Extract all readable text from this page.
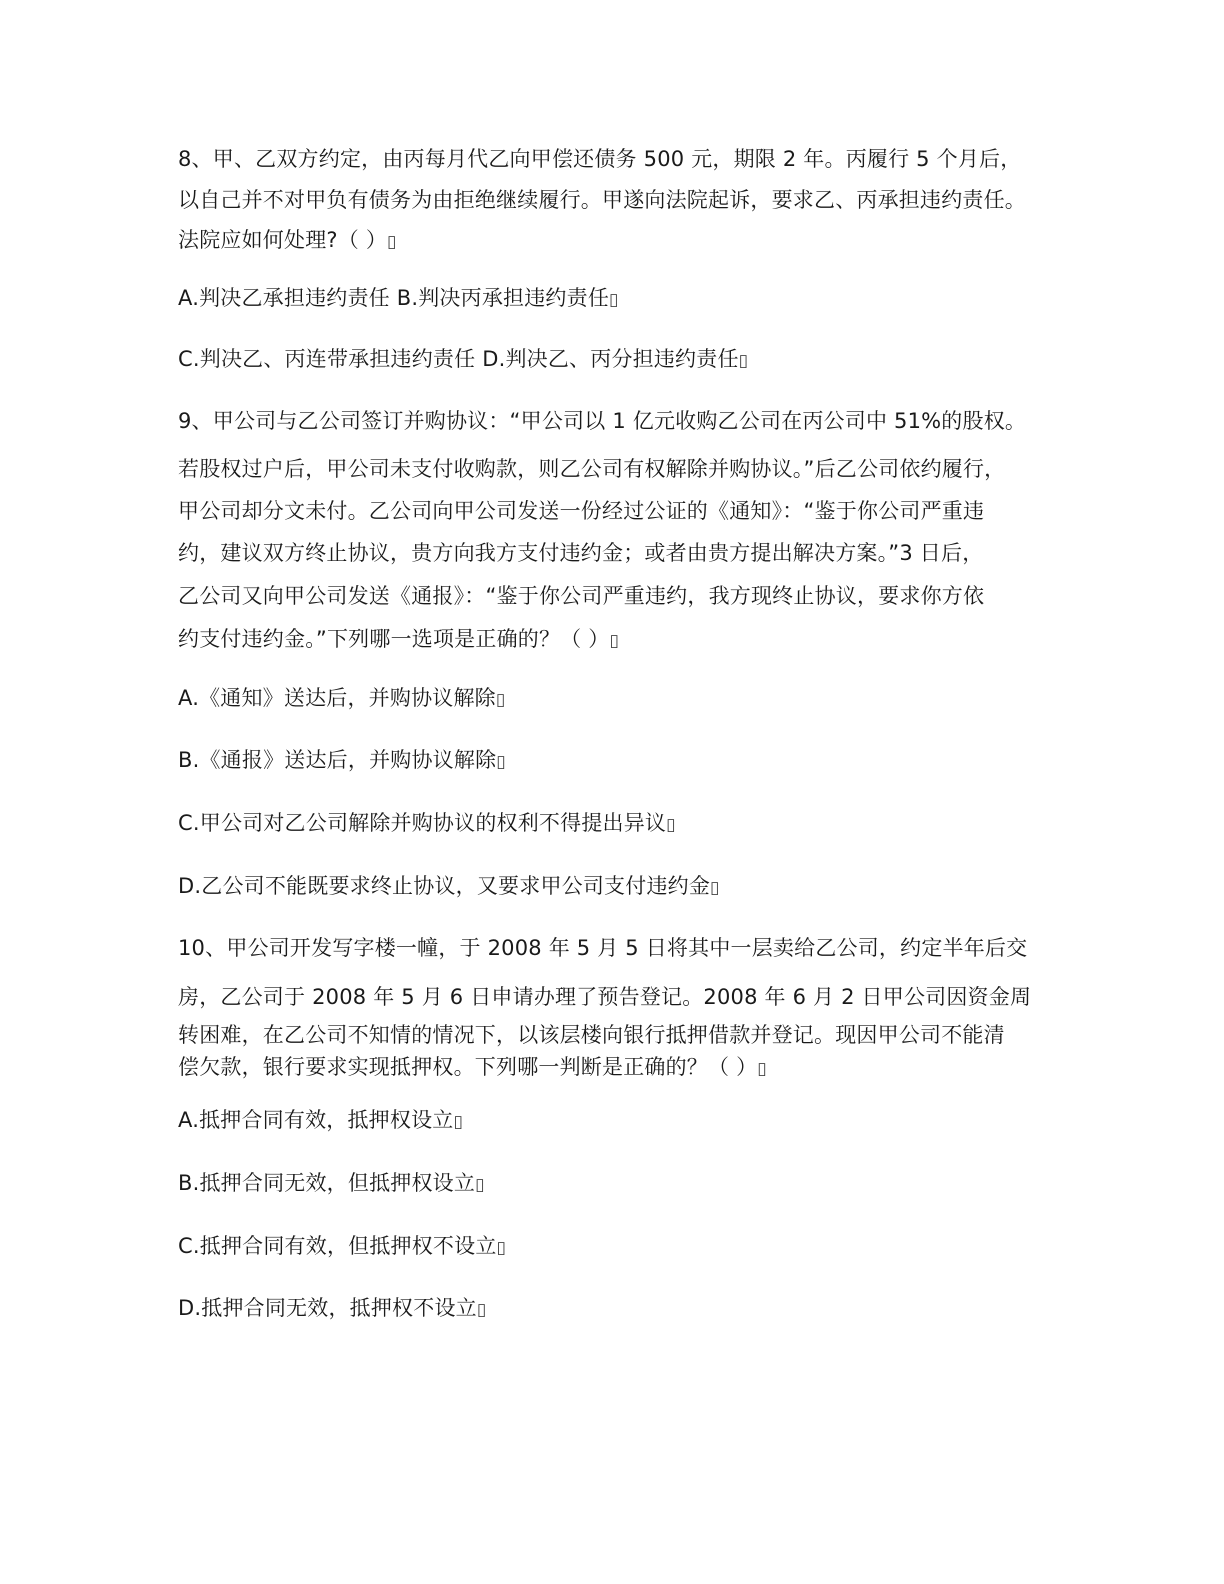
8、甲、乙双方约定，由丙每月代乙向甲偿还债务 500 元，期限 2 年。丙履行 5 个月后，
以自己并不对甲负有债务为由拒绝继续履行。甲遂向法院起诉，要求乙、丙承担违约责任。
法院应如何处理?（ ）▯
A.判决乙承担违约责任 B.判决丙承担违约责任▯
C.判决乙、丙连带承担违约责任 D.判决乙、丙分担违约责任▯
9、甲公司与乙公司签订并购协议：“甲公司以 1 亿元收购乙公司在丙公司中 51%的股权。
若股权过户后，甲公司未支付收购款，则乙公司有权解除并购协议。”后乙公司依约履行，
甲公司却分文未付。乙公司向甲公司发送一份经过公证的《通知》：“鉴于你公司严重违
约，建议双方终止协议，贵方向我方支付违约金；或者由贵方提出解决方案。”3 日后，
乙公司又向甲公司发送《通报》：“鉴于你公司严重违约，我方现终止协议，要求你方依
约支付违约金。”下列哪一选项是正确的？（ ）▯
A.《通知》送达后，并购协议解除▯
B.《通报》送达后，并购协议解除▯
C.甲公司对乙公司解除并购协议的权利不得提出异议▯
D.乙公司不能既要求终止协议，又要求甲公司支付违约金▯
10、甲公司开发写字楼一幢，于 2008 年 5 月 5 日将其中一层卖给乙公司，约定半年后交
房，乙公司于 2008 年 5 月 6 日申请办理了预告登记。2008 年 6 月 2 日甲公司因资金周
转困难，在乙公司不知情的情况下，以该层楼向银行抵押借款并登记。现因甲公司不能清
偿欠款，银行要求实现抵押权。下列哪一判断是正确的？（ ）▯
A.抵押合同有效，抵押权设立▯
B.抵押合同无效，但抵押权设立▯
C.抵押合同有效，但抵押权不设立▯
D.抵押合同无效，抵押权不设立▯
